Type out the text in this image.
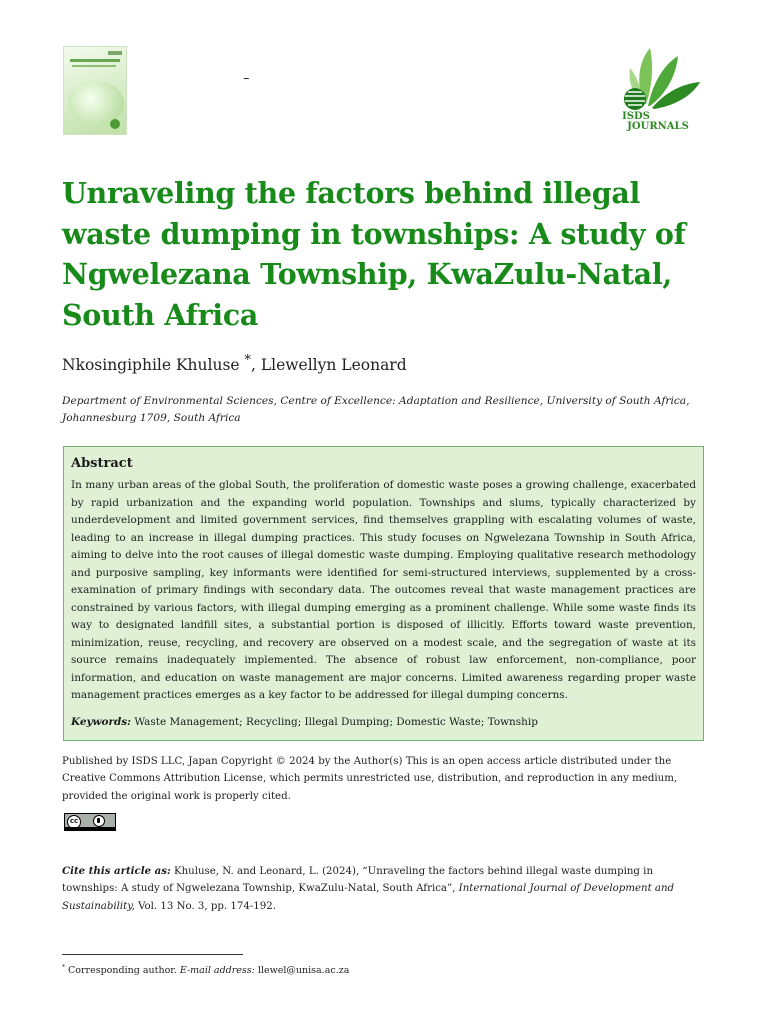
–
ISDS
JOURNALS
Unraveling the factors behind illegal waste dumping in townships: A study of Ngwelezana Township, KwaZulu-Natal, South Africa

Nkosingiphile Khuluse *, Llewellyn Leonard

Department of Environmental Sciences, Centre of Excellence: Adaptation and Resilience, University of South Africa, Johannesburg 1709, South Africa

Abstract

In many urban areas of the global South, the proliferation of domestic waste poses a growing challenge, exacerbated by rapid urbanization and the expanding world population. Townships and slums, typically characterized by underdevelopment and limited government services, find themselves grappling with escalating volumes of waste, leading to an increase in illegal dumping practices. This study focuses on Ngwelezana Township in South Africa, aiming to delve into the root causes of illegal domestic waste dumping. Employing qualitative research methodology and purposive sampling, key informants were identified for semi-structured interviews, supplemented by a cross-examination of primary findings with secondary data. The outcomes reveal that waste management practices are constrained by various factors, with illegal dumping emerging as a prominent challenge. While some waste finds its way to designated landfill sites, a substantial portion is disposed of illicitly. Efforts toward waste prevention, minimization, reuse, recycling, and recovery are observed on a modest scale, and the segregation of waste at its source remains inadequately implemented. The absence of robust law enforcement, non-compliance, poor information, and education on waste management are major concerns. Limited awareness regarding proper waste management practices emerges as a key factor to be addressed for illegal dumping concerns.

Keywords: Waste Management; Recycling; Illegal Dumping; Domestic Waste; Township

Published by ISDS LLC, Japan Copyright © 2024 by the Author(s) This is an open access article distributed under the Creative Commons Attribution License, which permits unrestricted use, distribution, and reproduction in any medium, provided the original work is properly cited.

cc

Cite this article as: Khuluse, N. and Leonard, L. (2024), “Unraveling the factors behind illegal waste dumping in townships: A study of Ngwelezana Township, KwaZulu-Natal, South Africa”, International Journal of Development and Sustainability, Vol. 13 No. 3, pp. 174-192.

* Corresponding author. E-mail address: llewel@unisa.ac.za
